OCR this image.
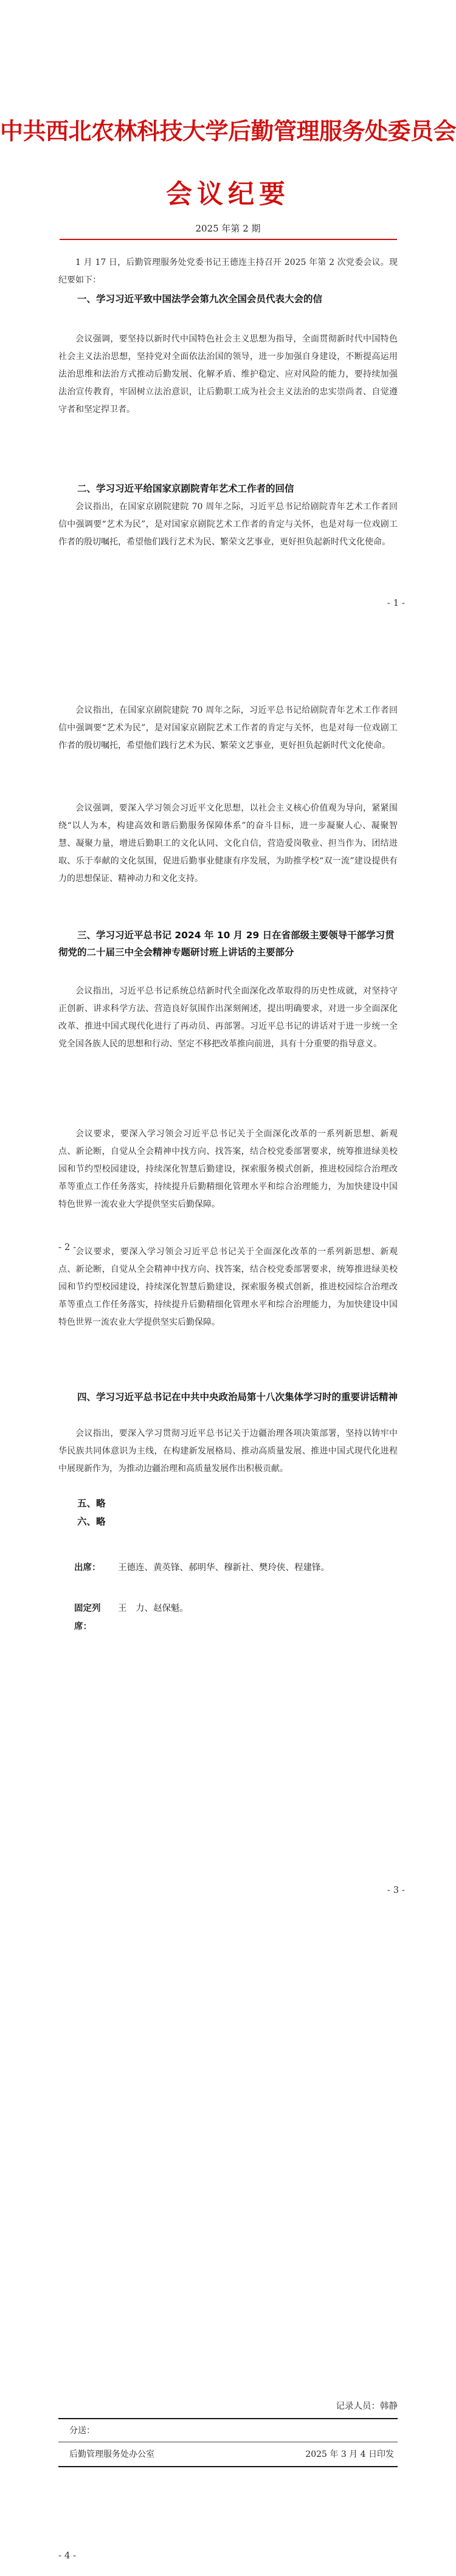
中共西北农林科技大学后勤管理服务处委员会
会议纪要
2025 年第 2 期

1 月 17 日，后勤管理服务处党委书记王德连主持召开 2025 年第 2 次党委会议。现纪要如下：

一、学习习近平致中国法学会第九次全国会员代表大会的信

会议强调，要坚持以新时代中国特色社会主义思想为指导，全面贯彻新时代中国特色社会主义法治思想，坚持党对全面依法治国的领导，进一步加强自身建设，不断提高运用法治思维和法治方式推动后勤发展、化解矛盾、维护稳定、应对风险的能力，要持续加强法治宣传教育，牢固树立法治意识，让后勤职工成为社会主义法治的忠实崇尚者、自觉遵守者和坚定捍卫者。

二、学习习近平给国家京剧院青年艺术工作者的回信

会议指出，在国家京剧院建院 70 周年之际，习近平总书记给剧院青年艺术工作者回信中强调要“艺术为民”，是对国家京剧院艺术工作者的肯定与关怀，也是对每一位戏剧工作者的殷切嘱托，希望他们践行艺术为民、繁荣文艺事业，更好担负起新时代文化使命。

- 1 -

会议指出，在国家京剧院建院 70 周年之际，习近平总书记给剧院青年艺术工作者回信中强调要“艺术为民”，是对国家京剧院艺术工作者的肯定与关怀，也是对每一位戏剧工作者的殷切嘱托，希望他们践行艺术为民、繁荣文艺事业，更好担负起新时代文化使命。

会议强调，要深入学习领会习近平文化思想，以社会主义核心价值观为导向，紧紧围绕“以人为本，构建高效和谐后勤服务保障体系”的奋斗目标，进一步凝聚人心、凝聚智慧、凝聚力量，增进后勤职工的文化认同、文化自信，营造爱岗敬业、担当作为、团结进取、乐于奉献的文化氛围，促进后勤事业健康有序发展，为助推学校“双一流”建设提供有力的思想保证、精神动力和文化支持。

三、学习习近平总书记 2024 年 10 月 29 日在省部级主要领导干部学习贯彻党的二十届三中全会精神专题研讨班上讲话的主要部分

会议指出，习近平总书记系统总结新时代全面深化改革取得的历史性成就，对坚持守正创新、讲求科学方法、营造良好氛围作出深刻阐述，提出明确要求，对进一步全面深化改革、推进中国式现代化进行了再动员、再部署。习近平总书记的讲话对于进一步统一全党全国各族人民的思想和行动、坚定不移把改革推向前进，具有十分重要的指导意义。

会议要求，要深入学习领会习近平总书记关于全面深化改革的一系列新思想、新观点、新论断，自觉从全会精神中找方向、找答案，结合校党委部署要求，统筹推进绿美校园和节约型校园建设，持续深化智慧后勤建设，探索服务模式创新，推进校园综合治理改革等重点工作任务落实，持续提升后勤精细化管理水平和综合治理能力，为加快建设中国特色世界一流农业大学提供坚实后勤保障。

- 2 -

会议要求，要深入学习领会习近平总书记关于全面深化改革的一系列新思想、新观点、新论断，自觉从全会精神中找方向、找答案，结合校党委部署要求，统筹推进绿美校园和节约型校园建设，持续深化智慧后勤建设，探索服务模式创新，推进校园综合治理改革等重点工作任务落实，持续提升后勤精细化管理水平和综合治理能力，为加快建设中国特色世界一流农业大学提供坚实后勤保障。

四、学习习近平总书记在中共中央政治局第十八次集体学习时的重要讲话精神

会议指出，要深入学习贯彻习近平总书记关于边疆治理各项决策部署，坚持以铸牢中华民族共同体意识为主线，在构建新发展格局、推动高质量发展、推进中国式现代化进程中展现新作为，为推动边疆治理和高质量发展作出积极贡献。

五、略
六、略
出席： 王德连、黄英锋、郝明华、穆新社、樊玲侠、程建锋。
固定列席：王　力、赵保魁。
- 3 -
记录人员：韩静
分送：
后勤管理服务处办公室	2025 年 3 月 4 日印发
- 4 -
